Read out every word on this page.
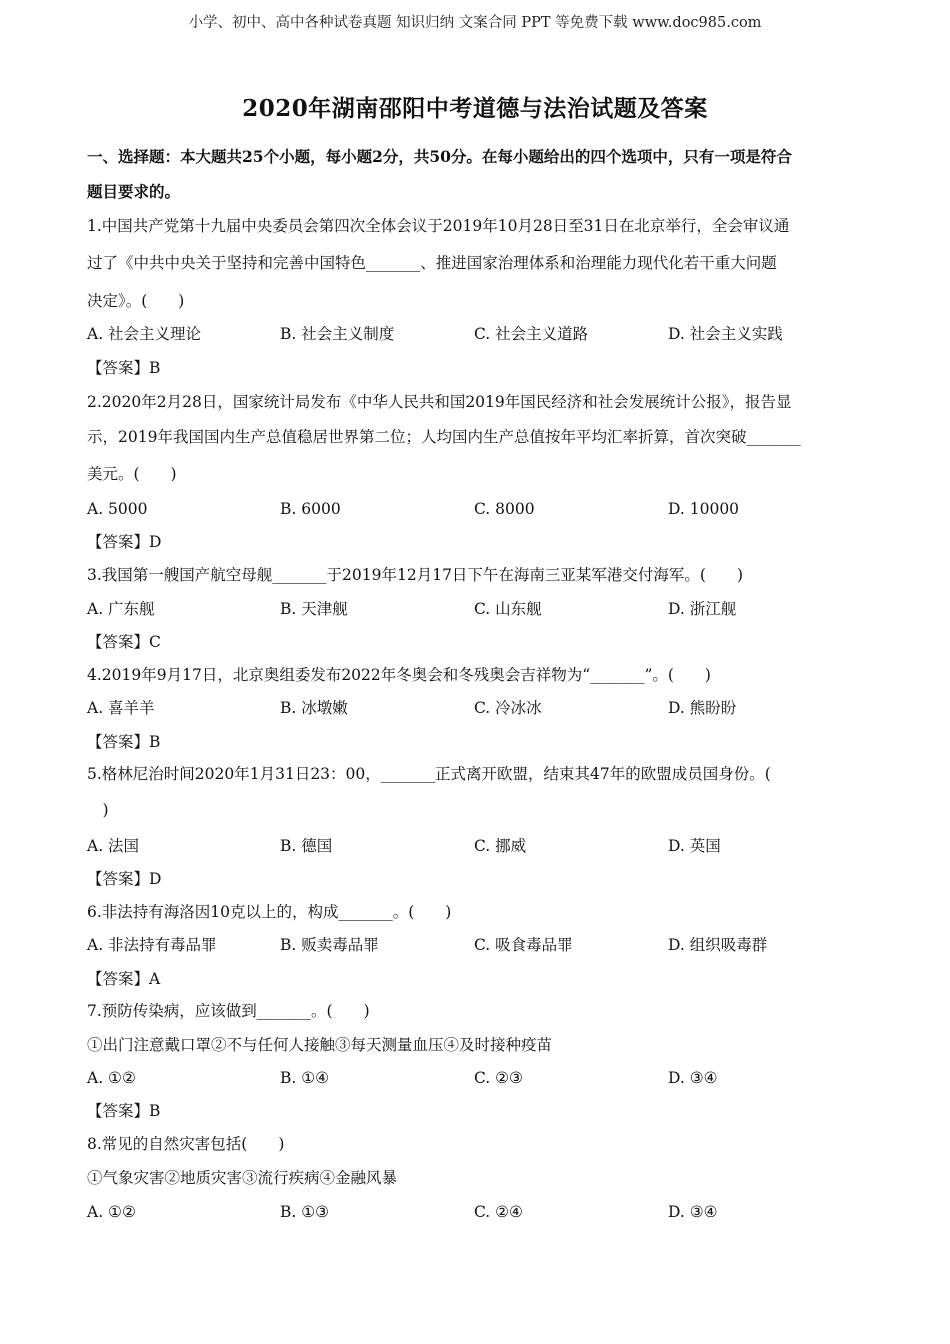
小学、初中、高中各种试卷真题 知识归纳 文案合同 PPT 等免费下载 www.doc985.com
2020年湖南邵阳中考道德与法治试题及答案
一、选择题：本大题共25个小题，每小题2分，共50分。在每小题给出的四个选项中，只有一项是符合
题目要求的。
1.中国共产党第十九届中央委员会第四次全体会议于2019年10月28日至31日在北京举行，全会审议通
过了《中共中央关于坚持和完善中国特色_______、推进国家治理体系和治理能力现代化若干重大问题
决定》。(　　)
A. 社会主义理论	B. 社会主义制度	C. 社会主义道路	D. 社会主义实践
【答案】B
2.2020年2月28日，国家统计局发布《中华人民共和国2019年国民经济和社会发展统计公报》，报告显
示，2019年我国国内生产总值稳居世界第二位；人均国内生产总值按年平均汇率折算，首次突破_______
美元。(　　)
A. 5000	B. 6000	C. 8000	D. 10000
【答案】D
3.我国第一艘国产航空母舰_______于2019年12月17日下午在海南三亚某军港交付海军。(　　)
A. 广东舰	B. 天津舰	C. 山东舰	D. 浙江舰
【答案】C
4.2019年9月17日，北京奥组委发布2022年冬奥会和冬残奥会吉祥物为“_______”。(　　)
A. 喜羊羊	B. 冰墩嫩	C. 冷冰冰	D. 熊盼盼
【答案】B
5.格林尼治时间2020年1月31日23：00，_______正式离开欧盟，结束其47年的欧盟成员国身份。(
　)
A. 法国	B. 德国	C. 挪威	D. 英国
【答案】D
6.非法持有海洛因10克以上的，构成_______。(　　)
A. 非法持有毒品罪	B. 贩卖毒品罪	C. 吸食毒品罪	D. 组织吸毒群
【答案】A
7.预防传染病，应该做到_______。(　　)
①出门注意戴口罩②不与任何人接触③每天测量血压④及时接种疫苗
A. ①②	B. ①④	C. ②③	D. ③④
【答案】B
8.常见的自然灾害包括(　　)
①气象灾害②地质灾害③流行疾病④金融风暴
A. ①②	B. ①③	C. ②④	D. ③④
